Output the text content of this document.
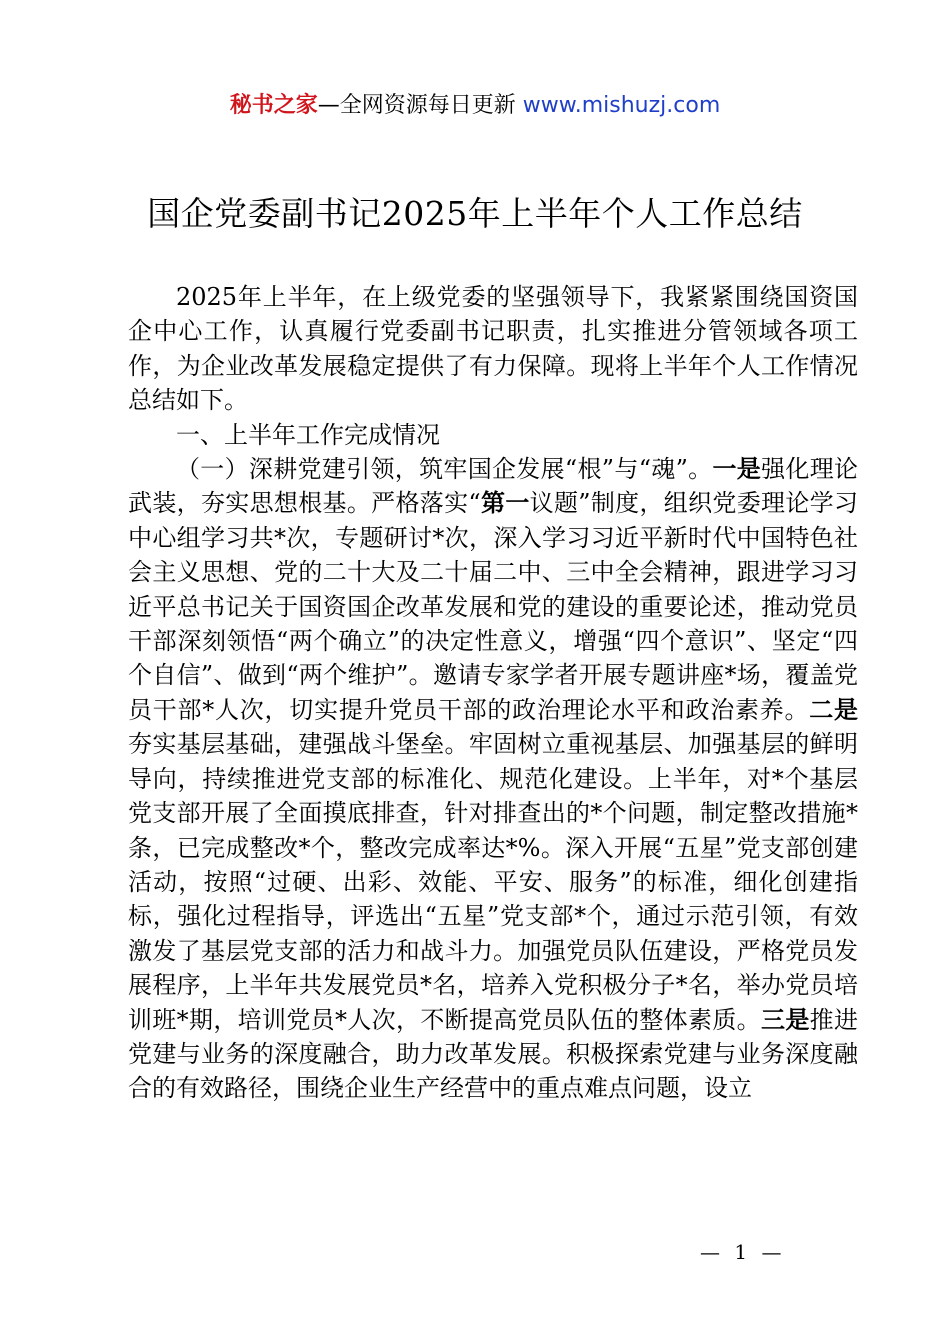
秘书之家—全网资源每日更新 www.mishuzj.com
国企党委副书记2025年上半年个人工作总结

2025年上半年，在上级党委的坚强领导下，我紧紧围绕国资国企中心工作，认真履行党委副书记职责，扎实推进分管领域各项工作，为企业改革发展稳定提供了有力保障。现将上半年个人工作情况总结如下。

一、上半年工作完成情况

（一）深耕党建引领，筑牢国企发展“根”与“魂”。一是强化理论武装，夯实思想根基。严格落实“第一议题”制度，组织党委理论学习中心组学习共*次，专题研讨*次，深入学习习近平新时代中国特色社会主义思想、党的二十大及二十届二中、三中全会精神，跟进学习习近平总书记关于国资国企改革发展和党的建设的重要论述，推动党员干部深刻领悟“两个确立”的决定性意义，增强“四个意识”、坚定“四个自信”、做到“两个维护”。邀请专家学者开展专题讲座*场，覆盖党员干部*人次，切实提升党员干部的政治理论水平和政治素养。二是夯实基层基础，建强战斗堡垒。牢固树立重视基层、加强基层的鲜明导向，持续推进党支部的标准化、规范化建设。上半年，对*个基层党支部开展了全面摸底排查，针对排查出的*个问题，制定整改措施*条，已完成整改*个，整改完成率达*%。深入开展“五星”党支部创建活动，按照“过硬、出彩、效能、平安、服务”的标准，细化创建指标，强化过程指导，评选出“五星”党支部*个，通过示范引领，有效激发了基层党支部的活力和战斗力。加强党员队伍建设，严格党员发展程序，上半年共发展党员*名，培养入党积极分子*名，举办党员培训班*期，培训党员*人次，不断提高党员队伍的整体素质。三是推进党建与业务的深度融合，助力改革发展。积极探索党建与业务深度融合的有效路径，围绕企业生产经营中的重点难点问题，设立

— 1 —
